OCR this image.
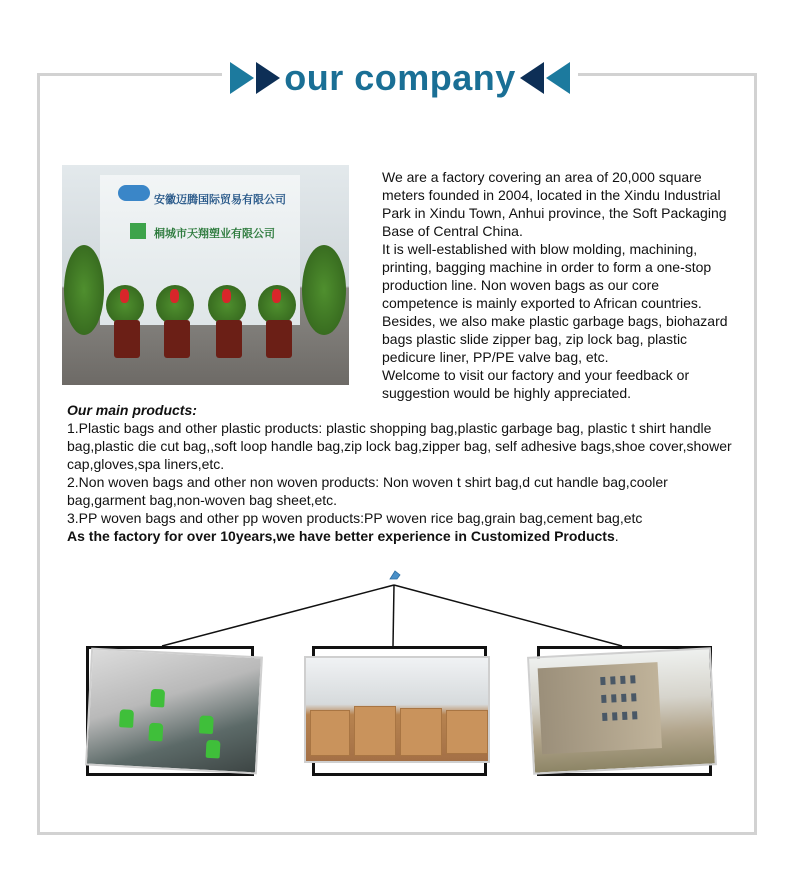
our company
安徽迈腾国际贸易有限公司
桐城市天翔塑业有限公司

We are a factory covering an area of 20,000 square meters founded in 2004, located in the Xindu Industrial Park in Xindu Town, Anhui province, the Soft Packaging Base of Central China.

It is well-established with blow molding, machining, printing, bagging machine in order to form a one-stop production line. Non woven bags as our core competence is mainly exported to African countries. Besides, we also make plastic garbage bags, biohazard bags plastic slide zipper bag, zip lock bag, plastic pedicure liner, PP/PE valve bag, etc.

Welcome to visit our factory and your feedback or suggestion would be highly appreciated.

Our main products:

1.Plastic bags and other plastic products: plastic shopping bag,plastic garbage bag, plastic t shirt handle bag,plastic die cut bag,,soft loop handle bag,zip lock bag,zipper bag, self adhesive bags,shoe cover,shower cap,gloves,spa liners,etc.

2.Non woven bags and other non woven products: Non woven t shirt bag,d cut handle bag,cooler bag,garment bag,non-woven bag sheet,etc.

3.PP woven bags and other pp woven products:PP woven rice bag,grain bag,cement bag,etc

As the factory for over 10years,we have better experience in Customized Products.
